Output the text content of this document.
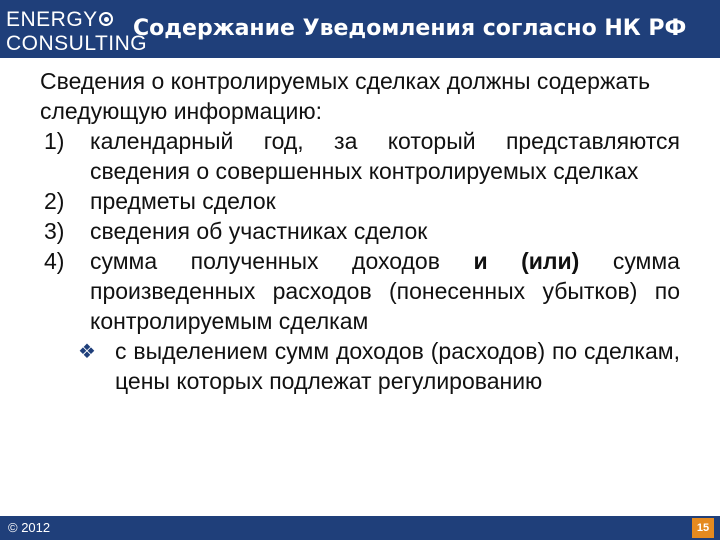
ENERGY
CONSULTING
Содержание Уведомления согласно НК РФ
Сведения о контролируемых сделках должны содержать следующую информацию:
1) календарный год, за который представляются сведения о совершенных контролируемых сделках
2) предметы сделок
3) сведения об участниках сделок
4) сумма полученных доходов и (или) сумма произведенных расходов (понесенных убытков) по контролируемым сделкам
❖ с выделением сумм доходов (расходов) по сделкам, цены которых подлежат регулированию
© 2012	15
